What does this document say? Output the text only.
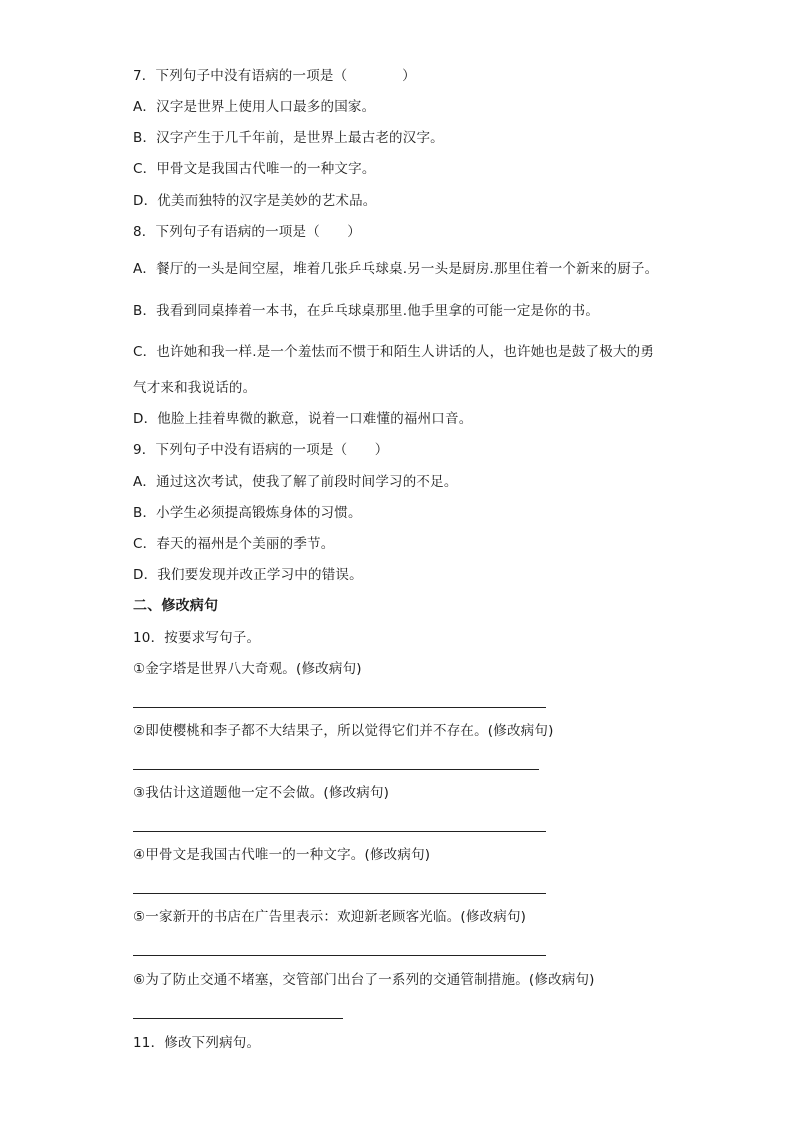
7．下列句子中没有语病的一项是（　　　　）
A．汉字是世界上使用人口最多的国家。
B．汉字产生于几千年前，是世界上最古老的汉字。
C．甲骨文是我国古代唯一的一种文字。
D．优美而独特的汉字是美妙的艺术品。
8．下列句子有语病的一项是（　　）
A．餐厅的一头是间空屋，堆着几张乒乓球桌.另一头是厨房.那里住着一个新来的厨子。
B．我看到同桌捧着一本书，在乒乓球桌那里.他手里拿的可能一定是你的书。
C．也许她和我一样.是一个羞怯而不惯于和陌生人讲话的人，也许她也是鼓了极大的勇
气才来和我说话的。
D．他脸上挂着卑微的歉意，说着一口难懂的福州口音。
9．下列句子中没有语病的一项是（　　）
A．通过这次考试，使我了解了前段时间学习的不足。
B．小学生必须提高锻炼身体的习惯。
C．春天的福州是个美丽的季节。
D．我们要发现并改正学习中的错误。
二、修改病句
10．按要求写句子。
①金字塔是世界八大奇观。(修改病句)
②即使樱桃和李子都不大结果子，所以觉得它们并不存在。(修改病句)
③我估计这道题他一定不会做。(修改病句)
④甲骨文是我国古代唯一的一种文字。(修改病句)
⑤一家新开的书店在广告里表示：欢迎新老顾客光临。(修改病句)
⑥为了防止交通不堵塞，交管部门出台了一系列的交通管制措施。(修改病句)
11．修改下列病句。
